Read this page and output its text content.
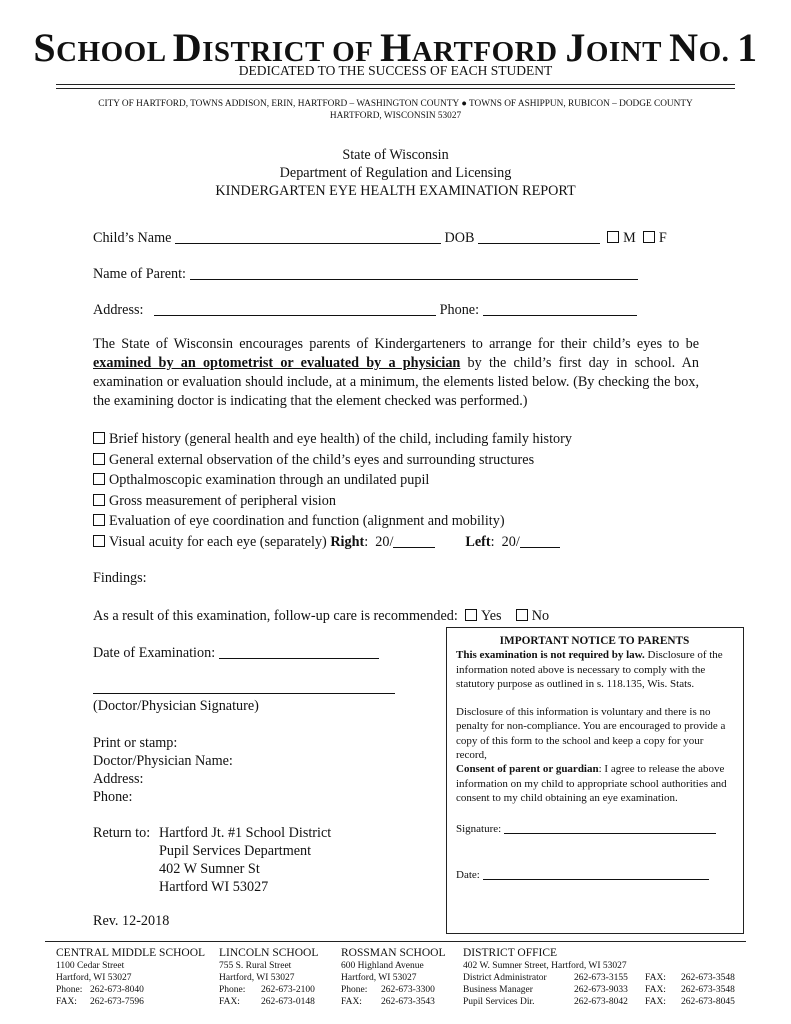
SCHOOL DISTRICT OF HARTFORD JOINT NO. 1
DEDICATED TO THE SUCCESS OF EACH STUDENT
CITY OF HARTFORD, TOWNS ADDISON, ERIN, HARTFORD – WASHINGTON COUNTY ● TOWNS OF ASHIPPUN, RUBICON – DODGE COUNTY
HARTFORD, WISCONSIN 53027
State of Wisconsin
Department of Regulation and Licensing
KINDERGARTEN EYE HEALTH EXAMINATION REPORT
Child’s Name	DOB	M F
Name of Parent:
Address:	Phone:
The State of Wisconsin encourages parents of Kindergarteners to arrange for their child’s eyes to be examined by an optometrist or evaluated by a physician by the child’s first day in school. An examination or evaluation should include, at a minimum, the elements listed below. (By checking the box, the examining doctor is indicating that the element checked was performed.)
Brief history (general health and eye health) of the child, including family history
General external observation of the child’s eyes and surrounding structures
Opthalmoscopic examination through an undilated pupil
Gross measurement of peripheral vision
Evaluation of eye coordination and function (alignment and mobility)
Visual acuity for each eye (separately) Right:  20/	Left:  20/
Findings:
As a result of this examination, follow-up care is recommended: Yes No
Date of Examination:
(Doctor/Physician Signature)
Print or stamp:
Doctor/Physician Name:
Address:
Phone:
Return to: Hartford Jt. #1 School District
Pupil Services Department
402 W Sumner St
Hartford WI 53027
Rev. 12-2018
IMPORTANT NOTICE TO PARENTS
This examination is not required by law. Disclosure of the information noted above is necessary to comply with the statutory purpose as outlined in s. 118.135, Wis. Stats.
Disclosure of this information is voluntary and there is no penalty for non-compliance. You are encouraged to provide a copy of this form to the school and keep a copy for your record,
Consent of parent or guardian: I agree to release the above information on my child to appropriate school authorities and consent to my child obtaining an eye examination.
Signature:
Date:
CENTRAL MIDDLE SCHOOL
1100 Cedar Street
Hartford, WI 53027
Phone: 262-673-8040
FAX:	262-673-7596
LINCOLN SCHOOL
755 S. Rural Street
Hartford, WI 53027
Phone:	262-673-2100
FAX:	262-673-0148
ROSSMAN SCHOOL
600 Highland Avenue
Hartford, WI 53027
Phone:	262-673-3300
FAX:	262-673-3543
DISTRICT OFFICE
402 W. Sumner Street, Hartford, WI 53027
District Administrator	262-673-3155	FAX:	262-673-3548
Business Manager	262-673-9033	FAX:	262-673-3548
Pupil Services Dir.	262-673-8042	FAX:	262-673-8045
